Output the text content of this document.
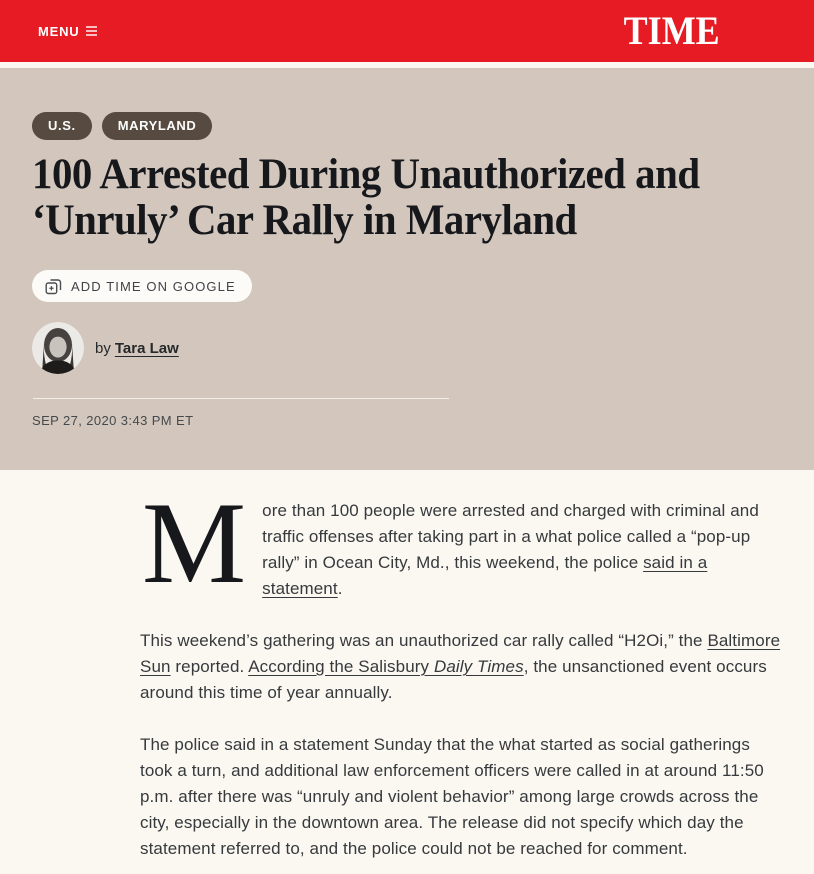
MENU	TIME
U.S.	MARYLAND
100 Arrested During Unauthorized and
‘Unruly’ Car Rally in Maryland
ADD TIME ON GOOGLE
by Tara Law
SEP 27, 2020 3:43 PM ET

More than 100 people were arrested and charged with criminal and traffic offenses after taking part in a what police called a “pop-up rally” in Ocean City, Md., this weekend, the police said in a statement.

This weekend’s gathering was an unauthorized car rally called “H2Oi,” the Baltimore Sun reported. According the Salisbury Daily Times, the unsanctioned event occurs around this time of year annually.

The police said in a statement Sunday that the what started as social gatherings took a turn, and additional law enforcement officers were called in at around 11:50 p.m. after there was “unruly and violent behavior” among large crowds across the city, especially in the downtown area. The release did not specify which day the statement referred to, and the police could not be reached for comment.
